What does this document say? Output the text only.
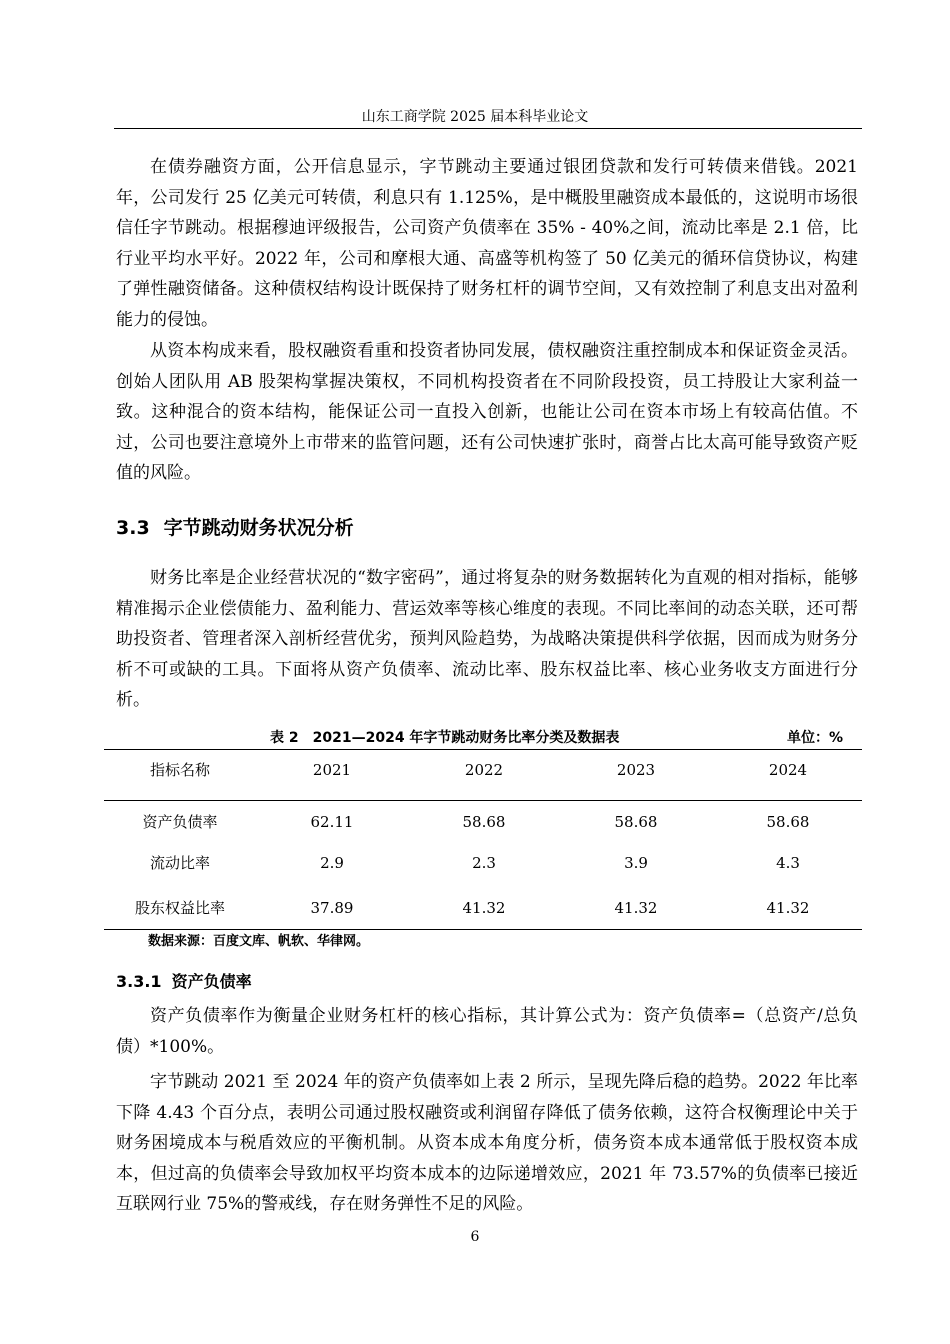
山东工商学院 2025 届本科毕业论文

在债券融资方面，公开信息显示，字节跳动主要通过银团贷款和发行可转债来借钱。2021 年，公司发行 25 亿美元可转债，利息只有 1.125%，是中概股里融资成本最低的，这说明市场很信任字节跳动。根据穆迪评级报告，公司资产负债率在 35% - 40%之间，流动比率是 2.1 倍，比行业平均水平好。2022 年，公司和摩根大通、高盛等机构签了 50 亿美元的循环信贷协议，构建了弹性融资储备。这种债权结构设计既保持了财务杠杆的调节空间，又有效控制了利息支出对盈利能力的侵蚀。

从资本构成来看，股权融资看重和投资者协同发展，债权融资注重控制成本和保证资金灵活。创始人团队用 AB 股架构掌握决策权，不同机构投资者在不同阶段投资，员工持股让大家利益一致。这种混合的资本结构，能保证公司一直投入创新，也能让公司在资本市场上有较高估值。不过，公司也要注意境外上市带来的监管问题，还有公司快速扩张时，商誉占比太高可能导致资产贬值的风险。

3.3 字节跳动财务状况分析

财务比率是企业经营状况的“数字密码”，通过将复杂的财务数据转化为直观的相对指标，能够精准揭示企业偿债能力、盈利能力、营运效率等核心维度的表现。不同比率间的动态关联，还可帮助投资者、管理者深入剖析经营优劣，预判风险趋势，为战略决策提供科学依据，因而成为财务分析不可或缺的工具。下面将从资产负债率、流动比率、股东权益比率、核心业务收支方面进行分析。

表 2 2021—2024 年字节跳动财务比率分类及数据表	单位：%
指标名称	2021	2022	2023	2024
资产负债率	62.11	58.68	58.68	58.68
流动比率	2.9	2.3	3.9	4.3
股东权益比率	37.89	41.32	41.32	41.32
数据来源：百度文库、帆软、华律网。
3.3.1 资产负债率

资产负债率作为衡量企业财务杠杆的核心指标，其计算公式为：资产负债率=（总资产/总负债）*100%。

字节跳动 2021 至 2024 年的资产负债率如上表 2 所示，呈现先降后稳的趋势。2022 年比率下降 4.43 个百分点，表明公司通过股权融资或利润留存降低了债务依赖，这符合权衡理论中关于财务困境成本与税盾效应的平衡机制。从资本成本角度分析，债务资本成本通常低于股权资本成本，但过高的负债率会导致加权平均资本成本的边际递增效应，2021 年 73.57%的负债率已接近互联网行业 75%的警戒线，存在财务弹性不足的风险。

6
